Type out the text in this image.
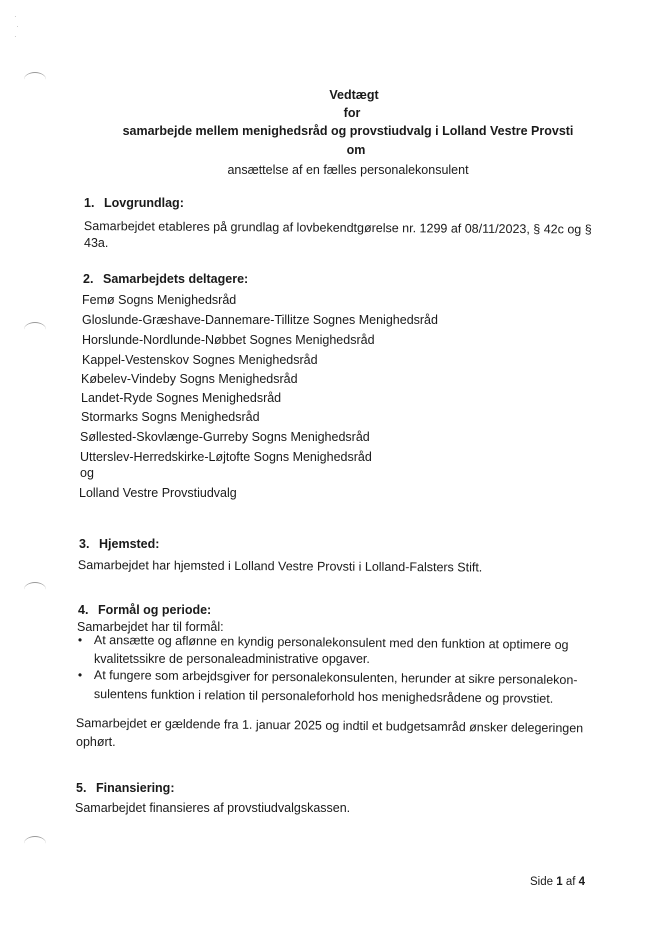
·
·
·
Vedtægt
for
samarbejde mellem menighedsråd og provstiudvalg i Lolland Vestre Provsti
om
ansættelse af en fælles personalekonsulent
1. Lovgrundlag:
Samarbejdet etableres på grundlag af lovbekendtgørelse nr. 1299 af 08/11/2023, § 42c og §
43a.
2. Samarbejdets deltagere:
Femø Sogns Menighedsråd
Gloslunde-Græshave-Dannemare-Tillitze Sognes Menighedsråd
Horslunde-Nordlunde-Nøbbet Sognes Menighedsråd
Kappel-Vestenskov Sognes Menighedsråd
Købelev-Vindeby Sogns Menighedsråd
Landet-Ryde Sognes Menighedsråd
Stormarks Sogns Menighedsråd
Søllested-Skovlænge-Gurreby Sogns Menighedsråd
Utterslev-Herredskirke-Løjtofte Sogns Menighedsråd
og
Lolland Vestre Provstiudvalg
3. Hjemsted:
Samarbejdet har hjemsted i Lolland Vestre Provsti i Lolland-Falsters Stift.
4. Formål og periode:
Samarbejdet har til formål:
• At ansætte og aflønne en kyndig personalekonsulent med den funktion at optimere og
kvalitetssikre de personaleadministrative opgaver.
• At fungere som arbejdsgiver for personalekonsulenten, herunder at sikre personalekon-
sulentens funktion i relation til personaleforhold hos menighedsrådene og provstiet.
Samarbejdet er gældende fra 1. januar 2025 og indtil et budgetsamråd ønsker delegeringen
ophørt.
5. Finansiering:
Samarbejdet finansieres af provstiudvalgskassen.
Side 1 af 4
